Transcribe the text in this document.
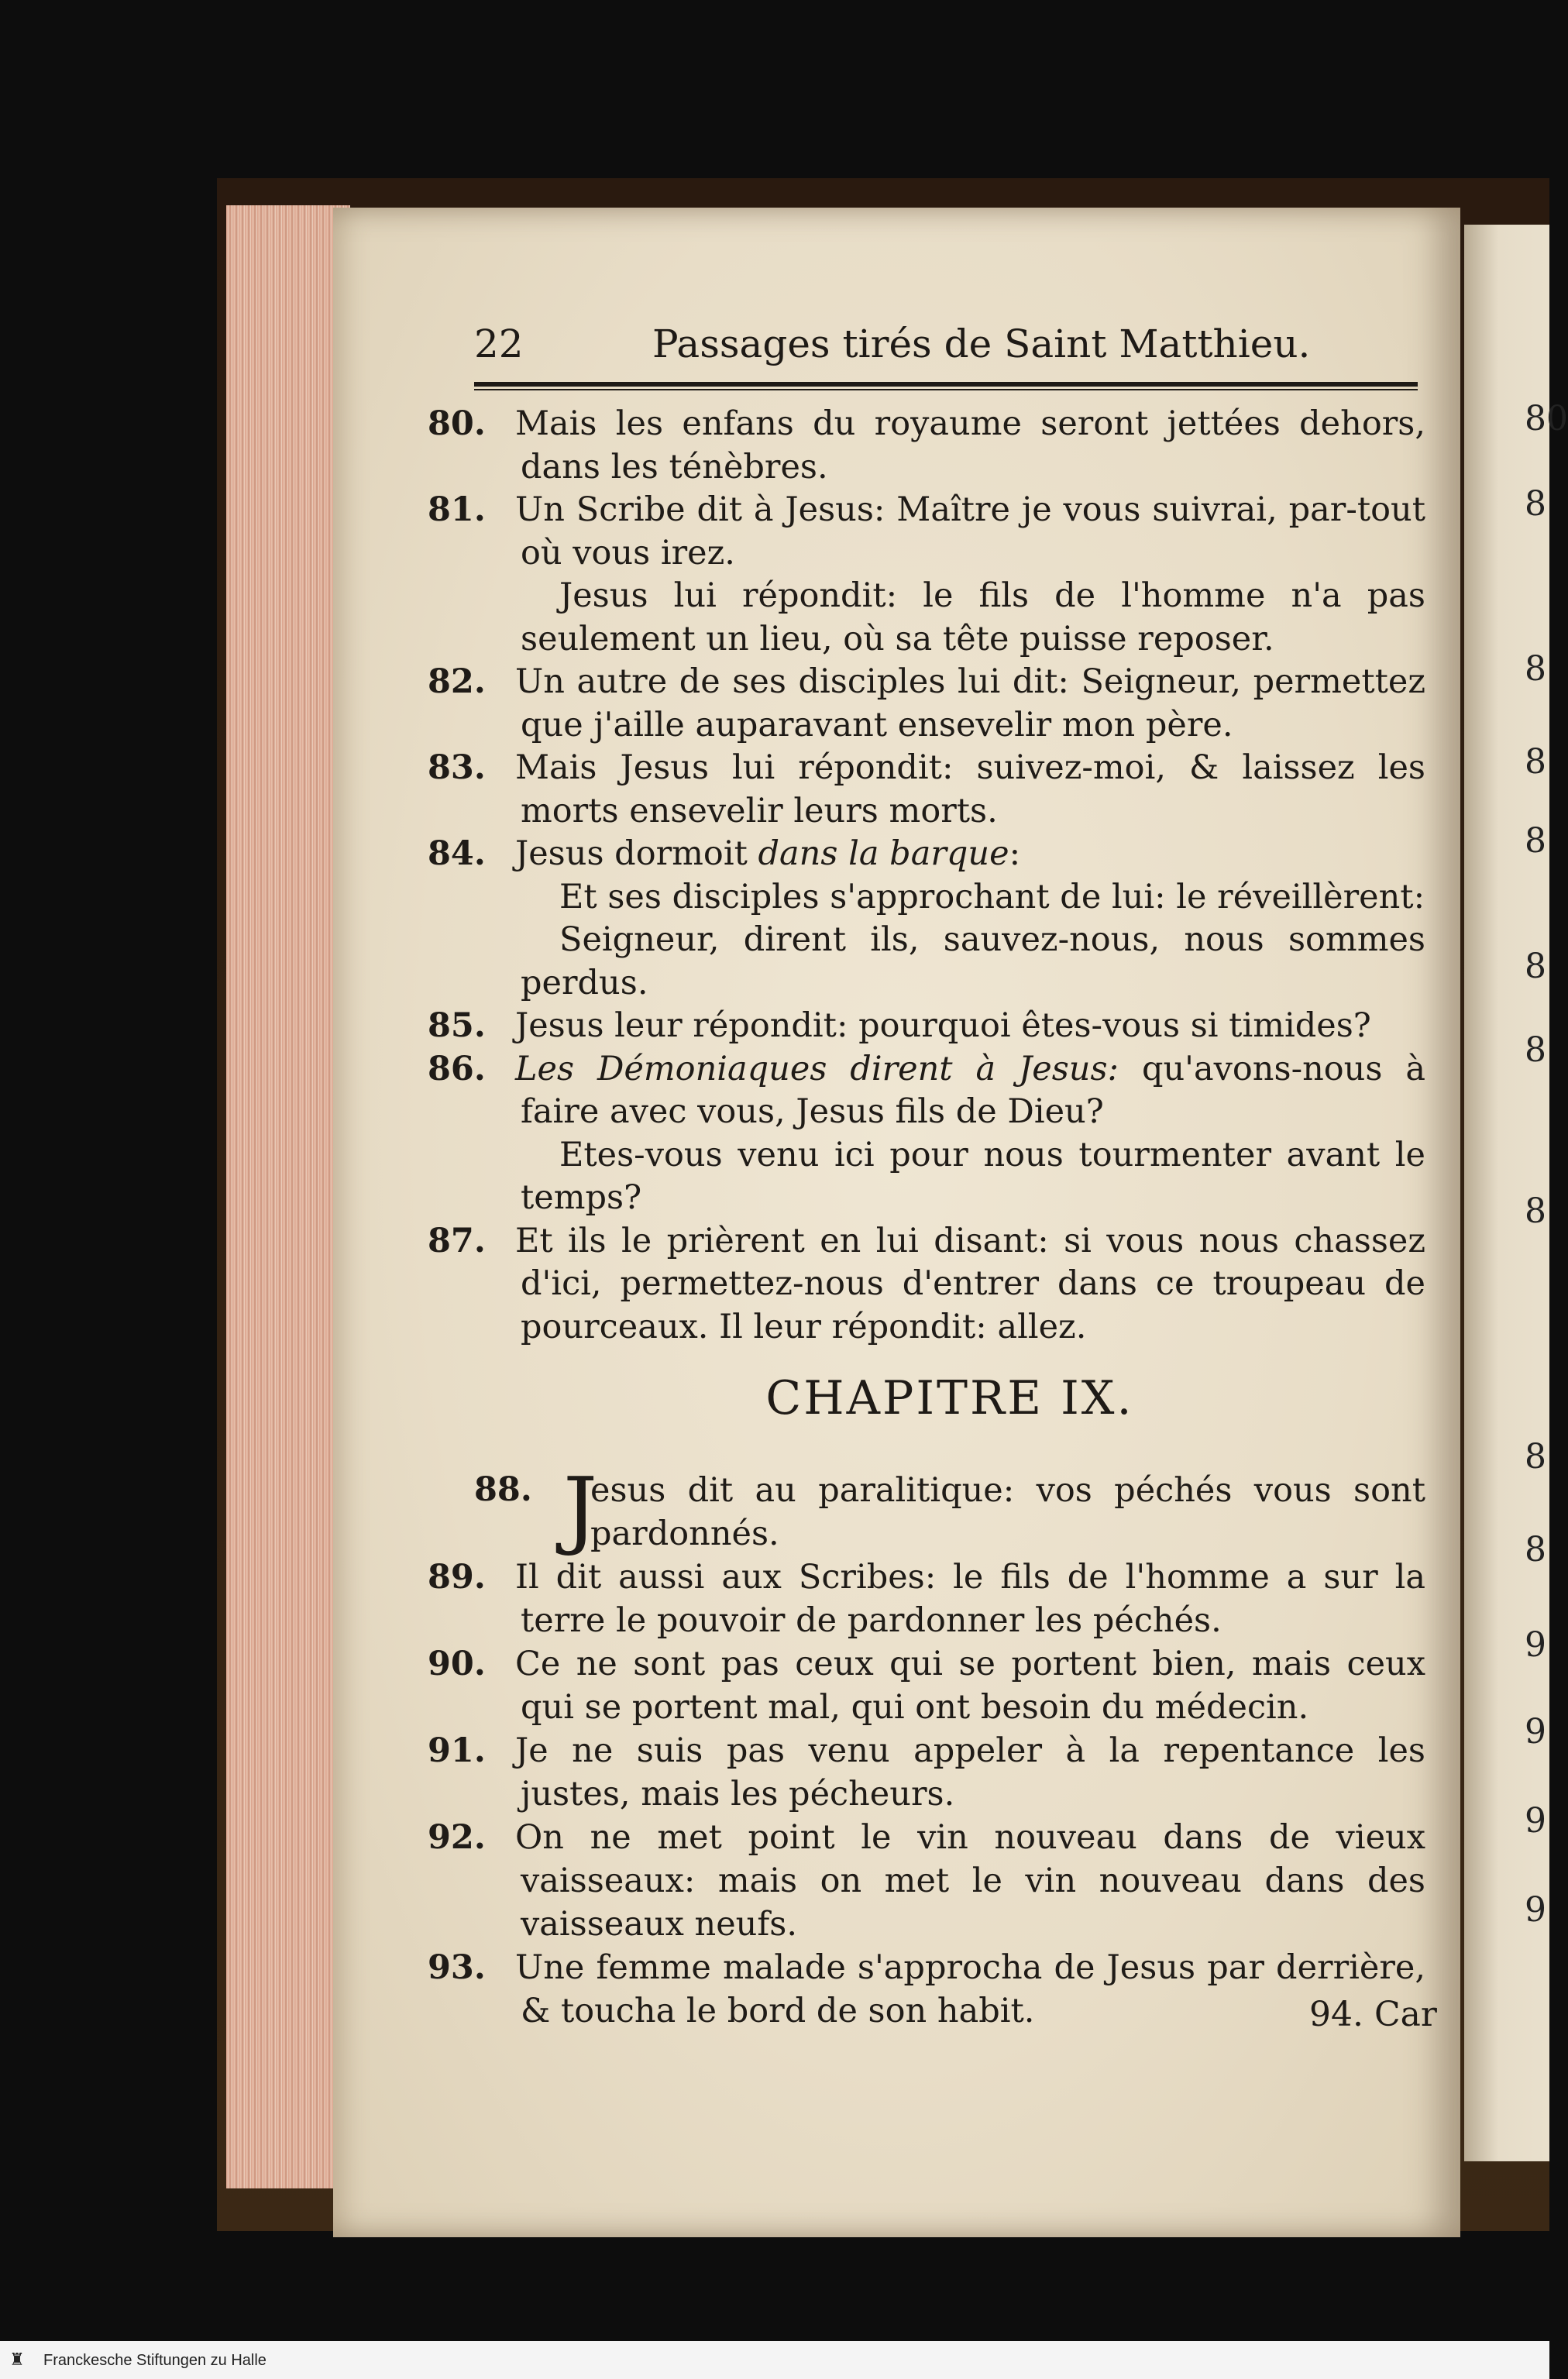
80
8
8
8
8
8
8
8
8
8
9
9
9
9
22	Passages tirés de Saint Matthieu.
80. Mais les enfans du royaume seront jettées dehors, dans les ténèbres.
81. Un Scribe dit à Jesus: Maître je vous suivrai, par-tout où vous irez.
Jesus lui répondit: le fils de l'homme n'a pas seulement un lieu, où sa tête puisse reposer.
82. Un autre de ses disciples lui dit: Seigneur, permettez que j'aille auparavant ensevelir mon père.
83. Mais Jesus lui répondit: suivez-moi, & laissez les morts ensevelir leurs morts.
84. Jesus dormoit dans la barque:
Et ses disciples s'approchant de lui: le réveillèrent:
Seigneur, dirent ils, sauvez-nous, nous sommes perdus.
85. Jesus leur répondit: pourquoi êtes-vous si timides?
86. Les Démoniaques dirent à Jesus: qu'avons-nous à faire avec vous, Jesus fils de Dieu?
Etes-vous venu ici pour nous tourmenter avant le temps?
87. Et ils le prièrent en lui disant: si vous nous chassez d'ici, permettez-nous d'entrer dans ce troupeau de pourceaux. Il leur répondit: allez.
CHAPITRE IX.
88. J
esus dit au paralitique: vos péchés vous sont pardonnés.
89. Il dit aussi aux Scribes: le fils de l'homme a sur la terre le pouvoir de pardonner les péchés.
90. Ce ne sont pas ceux qui se portent bien, mais ceux qui se portent mal, qui ont besoin du médecin.
91. Je ne suis pas venu appeler à la repentance les justes, mais les pécheurs.
92. On ne met point le vin nouveau dans de vieux vaisseaux: mais on met le vin nouveau dans des vaisseaux neufs.
93. Une femme malade s'approcha de Jesus par derrière, & toucha le bord de son habit.	94. Car
♜ Franckesche Stiftungen zu Halle
